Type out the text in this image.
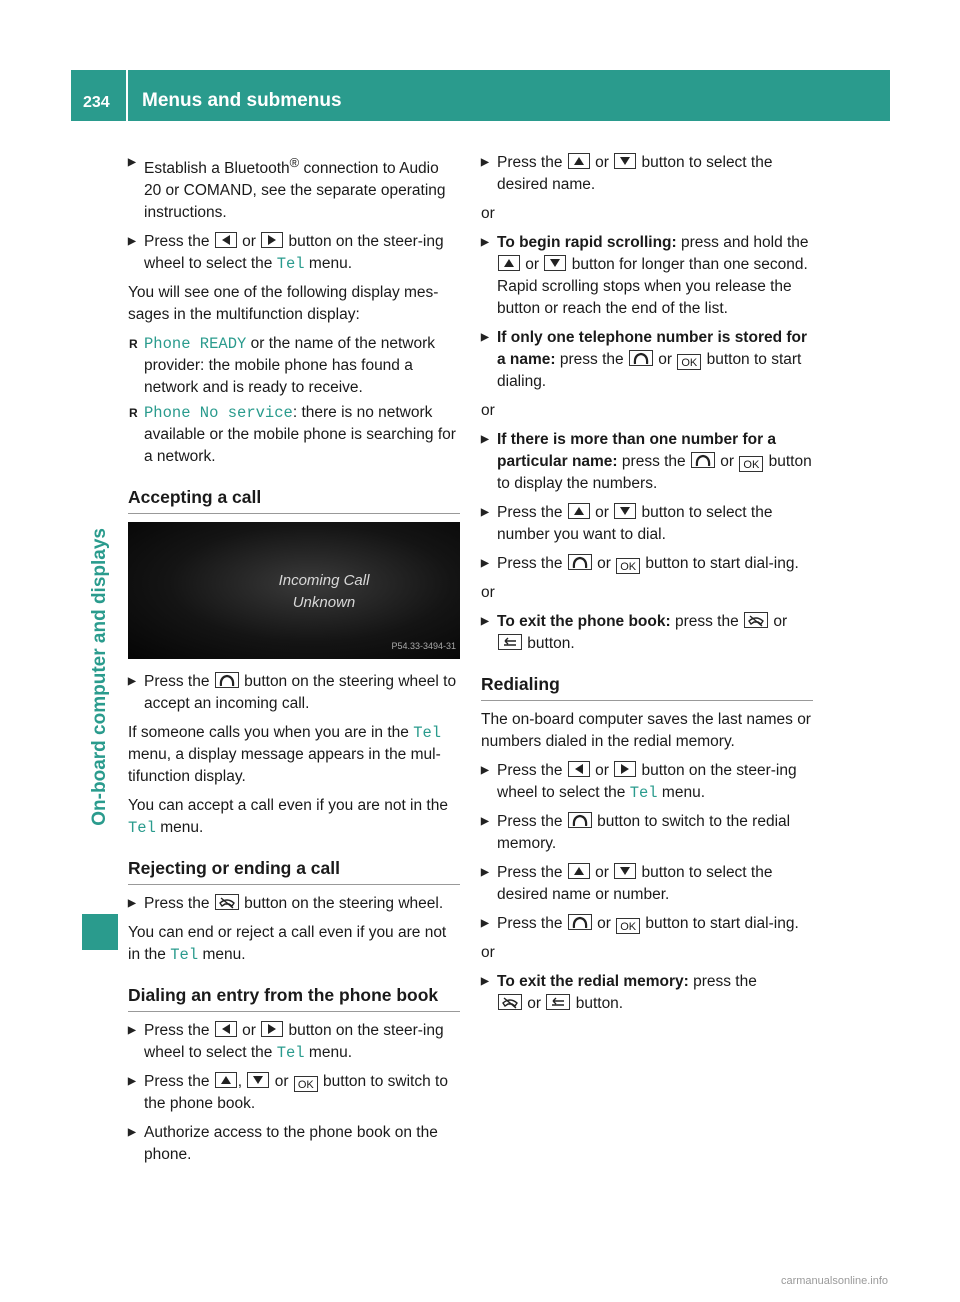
234 Menus and submenus
On-board computer and displays
▶ Establish a Bluetooth® connection to Audio 20 or COMAND, see the separate operating instructions.
▶ Press the
or
button on the steer-ing wheel to select the Tel menu.
You will see one of the following display mes-sages in the multifunction display:
R Phone READY or the name of the network provider: the mobile phone has found a network and is ready to receive.
R Phone No service: there is no network available or the mobile phone is searching for a network.
Accepting a call
Incoming Call
Unknown
P54.33-3494-31
▶ Press the
button on the steering wheel to accept an incoming call.
If someone calls you when you are in the Tel menu, a display message appears in the mul-tifunction display.
You can accept a call even if you are not in the Tel menu.
Rejecting or ending a call
▶ Press the
button on the steering wheel.
You can end or reject a call even if you are not in the Tel menu.
Dialing an entry from the phone book
▶ Press the
or
button on the steer-ing wheel to select the Tel menu.
▶ Press the
,
or OK button to switch to the phone book.
▶ Authorize access to the phone book on the phone.
▶ Press the
or
button to select the desired name.
or
▶ To begin rapid scrolling: press and hold the
or
button for longer than one second.
Rapid scrolling stops when you release the button or reach the end of the list.
▶ If only one telephone number is stored for a name: press the
or OK button to start dialing.
or
▶ If there is more than one number for a particular name: press the
or OK button to display the numbers.
▶ Press the
or
button to select the number you want to dial.
▶ Press the
or OK button to start dial-ing.
or
▶ To exit the phone book: press the
or

button.
Redialing
The on-board computer saves the last names or numbers dialed in the redial memory.
▶ Press the
or
button on the steer-ing wheel to select the Tel menu.
▶ Press the
button to switch to the redial memory.
▶ Press the
or
button to select the desired name or number.
▶ Press the
or OK button to start dial-ing.
or
▶ To exit the redial memory: press the

or
button.
carmanualsonline.info
